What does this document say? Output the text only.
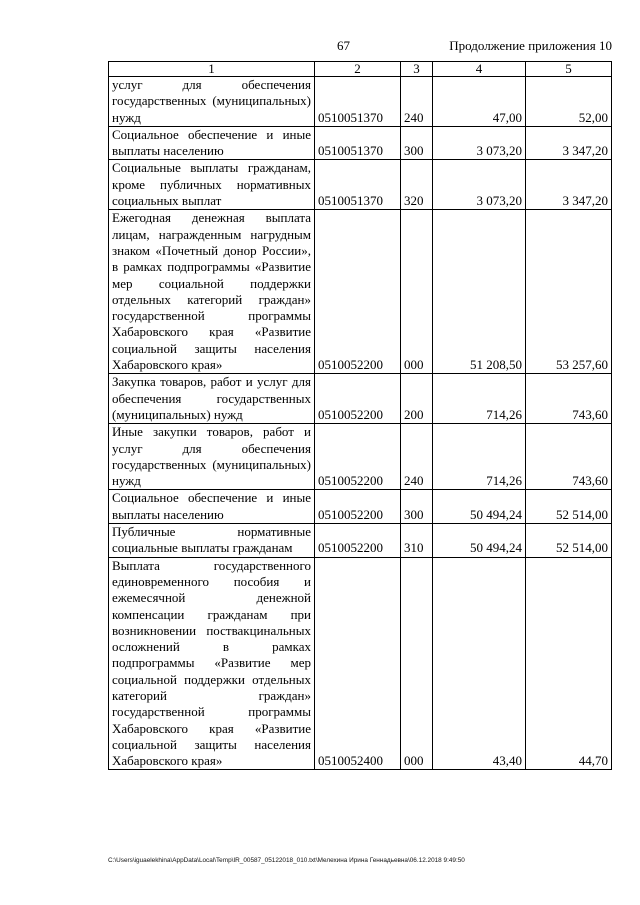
67	Продолжение приложения 10
1	2	3	4	5
услуг для обеспечения государственных (муниципальных) нужд	0510051370	240	47,00	52,00
Социальное обеспечение и иные выплаты населению	0510051370	300	3 073,20	3 347,20
Социальные выплаты гражданам, кроме публичных нормативных социальных выплат	0510051370	320	3 073,20	3 347,20
Ежегодная денежная выплата лицам, награжденным нагрудным знаком «Почетный донор России», в рамках подпрограммы «Развитие мер социальной поддержки отдельных категорий граждан» государственной программы Хабаровского края «Развитие социальной защиты населения Хабаровского края»	0510052200	000	51 208,50	53 257,60
Закупка товаров, работ и услуг для обеспечения государственных (муниципальных) нужд	0510052200	200	714,26	743,60
Иные закупки товаров, работ и услуг для обеспечения государственных (муниципальных) нужд	0510052200	240	714,26	743,60
Социальное обеспечение и иные выплаты населению	0510052200	300	50 494,24	52 514,00
Публичные нормативные социальные выплаты гражданам	0510052200	310	50 494,24	52 514,00
Выплата государственного единовременного пособия и ежемесячной денежной компенсации гражданам при возникновении поствакцинальных осложнений в рамках подпрограммы «Развитие мер социальной поддержки отдельных категорий граждан» государственной программы Хабаровского края «Развитие социальной защиты населения Хабаровского края»	0510052400	000	43,40	44,70
C:\Users\iguaelekhina\AppData\Local\Temp\IR_00587_05122018_010.txt\Мелехина Ирина Геннадьевна\06.12.2018 9:49:50
